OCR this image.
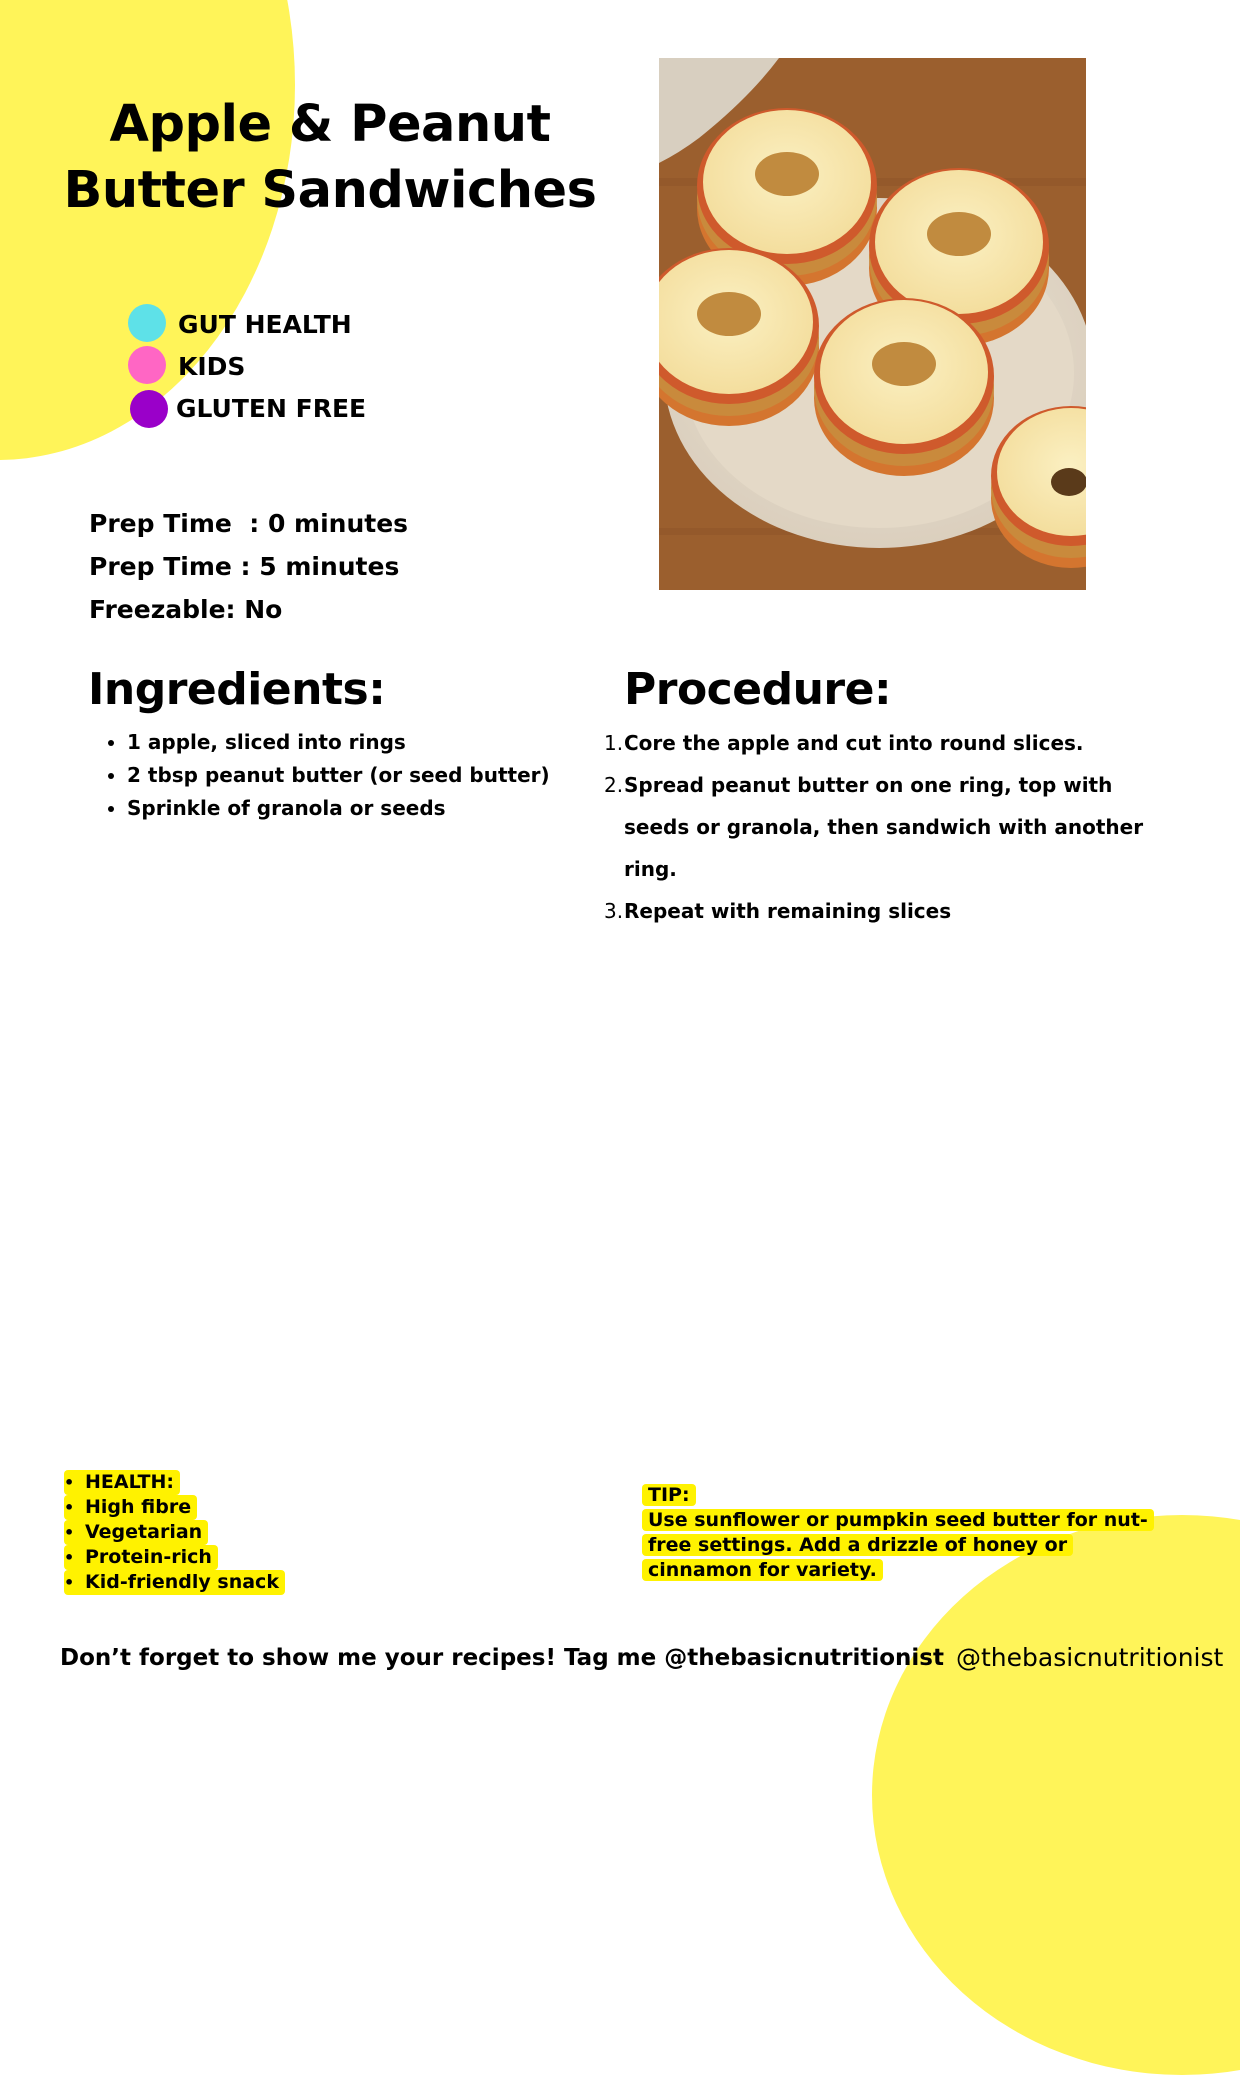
Apple & Peanut Butter Sandwiches
GUT HEALTH
KIDS
GLUTEN FREE
Prep Time  : 0 minutes
Prep Time : 5 minutes
Freezable: No
Ingredients:
• 1 apple, sliced into rings
• 2 tbsp peanut butter (or seed butter)
• Sprinkle of granola or seeds
Procedure:
1. Core the apple and cut into round slices.
2. Spread peanut butter on one ring, top with seeds or granola, then sandwich with another ring.
3. Repeat with remaining slices
• HEALTH:
• High fibre
• Vegetarian
• Protein-rich
• Kid-friendly snack
TIP:
Use sunflower or pumpkin seed butter for nut-free settings. Add a drizzle of honey or cinnamon for variety.
Don’t forget to show me your recipes! Tag me @thebasicnutritionist @thebasicnutritionist
